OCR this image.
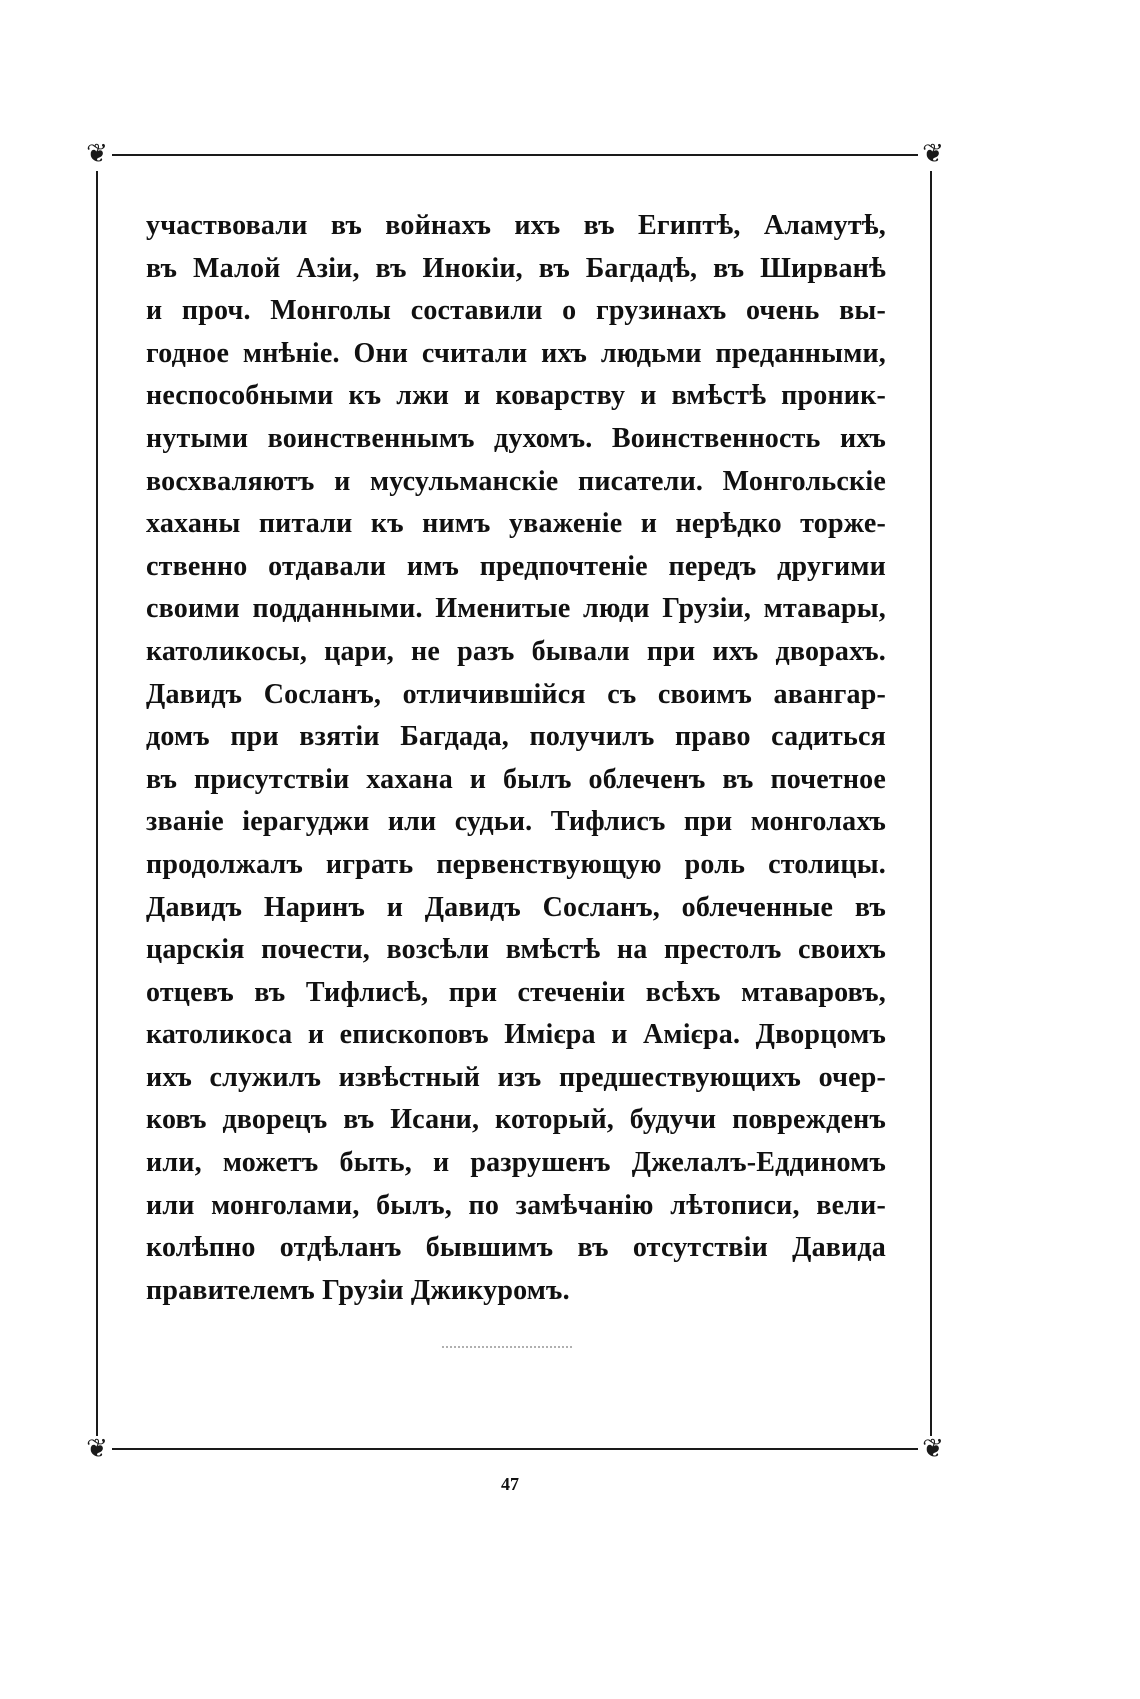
❦	❦
❦	❦
участвовали въ войнахъ ихъ въ Египтѣ, Аламутѣ,
въ Малой Азіи, въ Инокіи, въ Багдадѣ, въ Ширванѣ
и проч. Монголы составили о грузинахъ очень вы-
годное мнѣніе. Они считали ихъ людьми преданными,
неспособными къ лжи и коварству и вмѣстѣ проник-
нутыми воинственнымъ духомъ. Воинственность ихъ
восхваляютъ и мусульманскіе писатели. Монгольскіе
хаханы питали къ нимъ уваженіе и нерѣдко торже-
ственно отдавали имъ предпочтеніе передъ другими
своими подданными. Именитые люди Грузіи, мтавары,
католикосы, цари, не разъ бывали при ихъ дворахъ.
Давидъ Сосланъ, отличившійся съ своимъ авангар-
домъ при взятіи Багдада, получилъ право садиться
въ присутствіи хахана и былъ облеченъ въ почетное
званіе іерагуджи или судьи. Тифлисъ при монголахъ
продолжалъ играть первенствующую роль столицы.
Давидъ Наринъ и Давидъ Сосланъ, облеченные въ
царскія почести, возсѣли вмѣстѣ на престолъ своихъ
отцевъ въ Тифлисѣ, при стеченіи всѣхъ мтаваровъ,
католикоса и епископовъ Имієра и Амієра. Дворцомъ
ихъ служилъ извѣстный изъ предшествующихъ очер-
ковъ дворецъ въ Исани, который, будучи поврежденъ
или, можетъ быть, и разрушенъ Джелалъ-Еддиномъ
или монголами, былъ, по замѣчанію лѣтописи, вели-
колѣпно отдѣланъ бывшимъ въ отсутствіи Давида
правителемъ Грузіи Джикуромъ.
47
